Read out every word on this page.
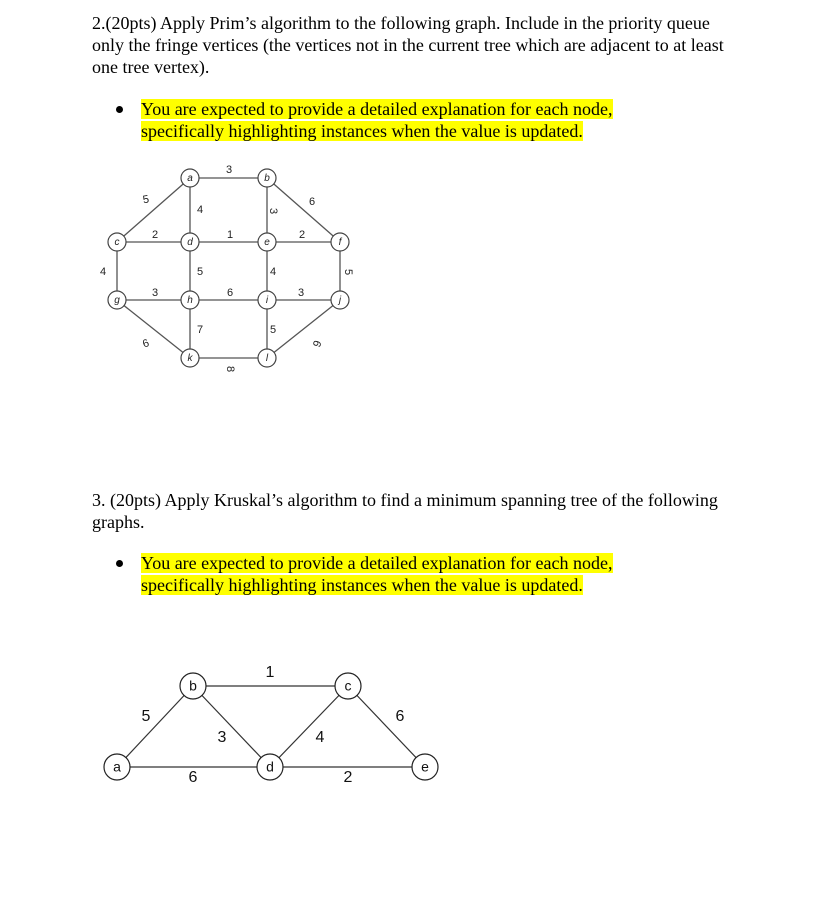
2.(20pts) Apply Prim’s algorithm to the following graph. Include in the priority queue only the fringe vertices (the vertices not in the current tree which are adjacent to at least one tree vertex).
You are expected to provide a detailed explanation for each node,
specifically highlighting instances when the value is updated.
3
5
4	3
6
2	1	2
4	5	4	5
3	6	3
6
7	5
9
8
a	b
c	d	e	f
g	h	i	j
k	l
3. (20pts) Apply Kruskal’s algorithm to find a minimum spanning tree of the following graphs.
You are expected to provide a detailed explanation for each node,
specifically highlighting instances when the value is updated.
1
5
3	4
6
6	2
a
b	c
d	e
